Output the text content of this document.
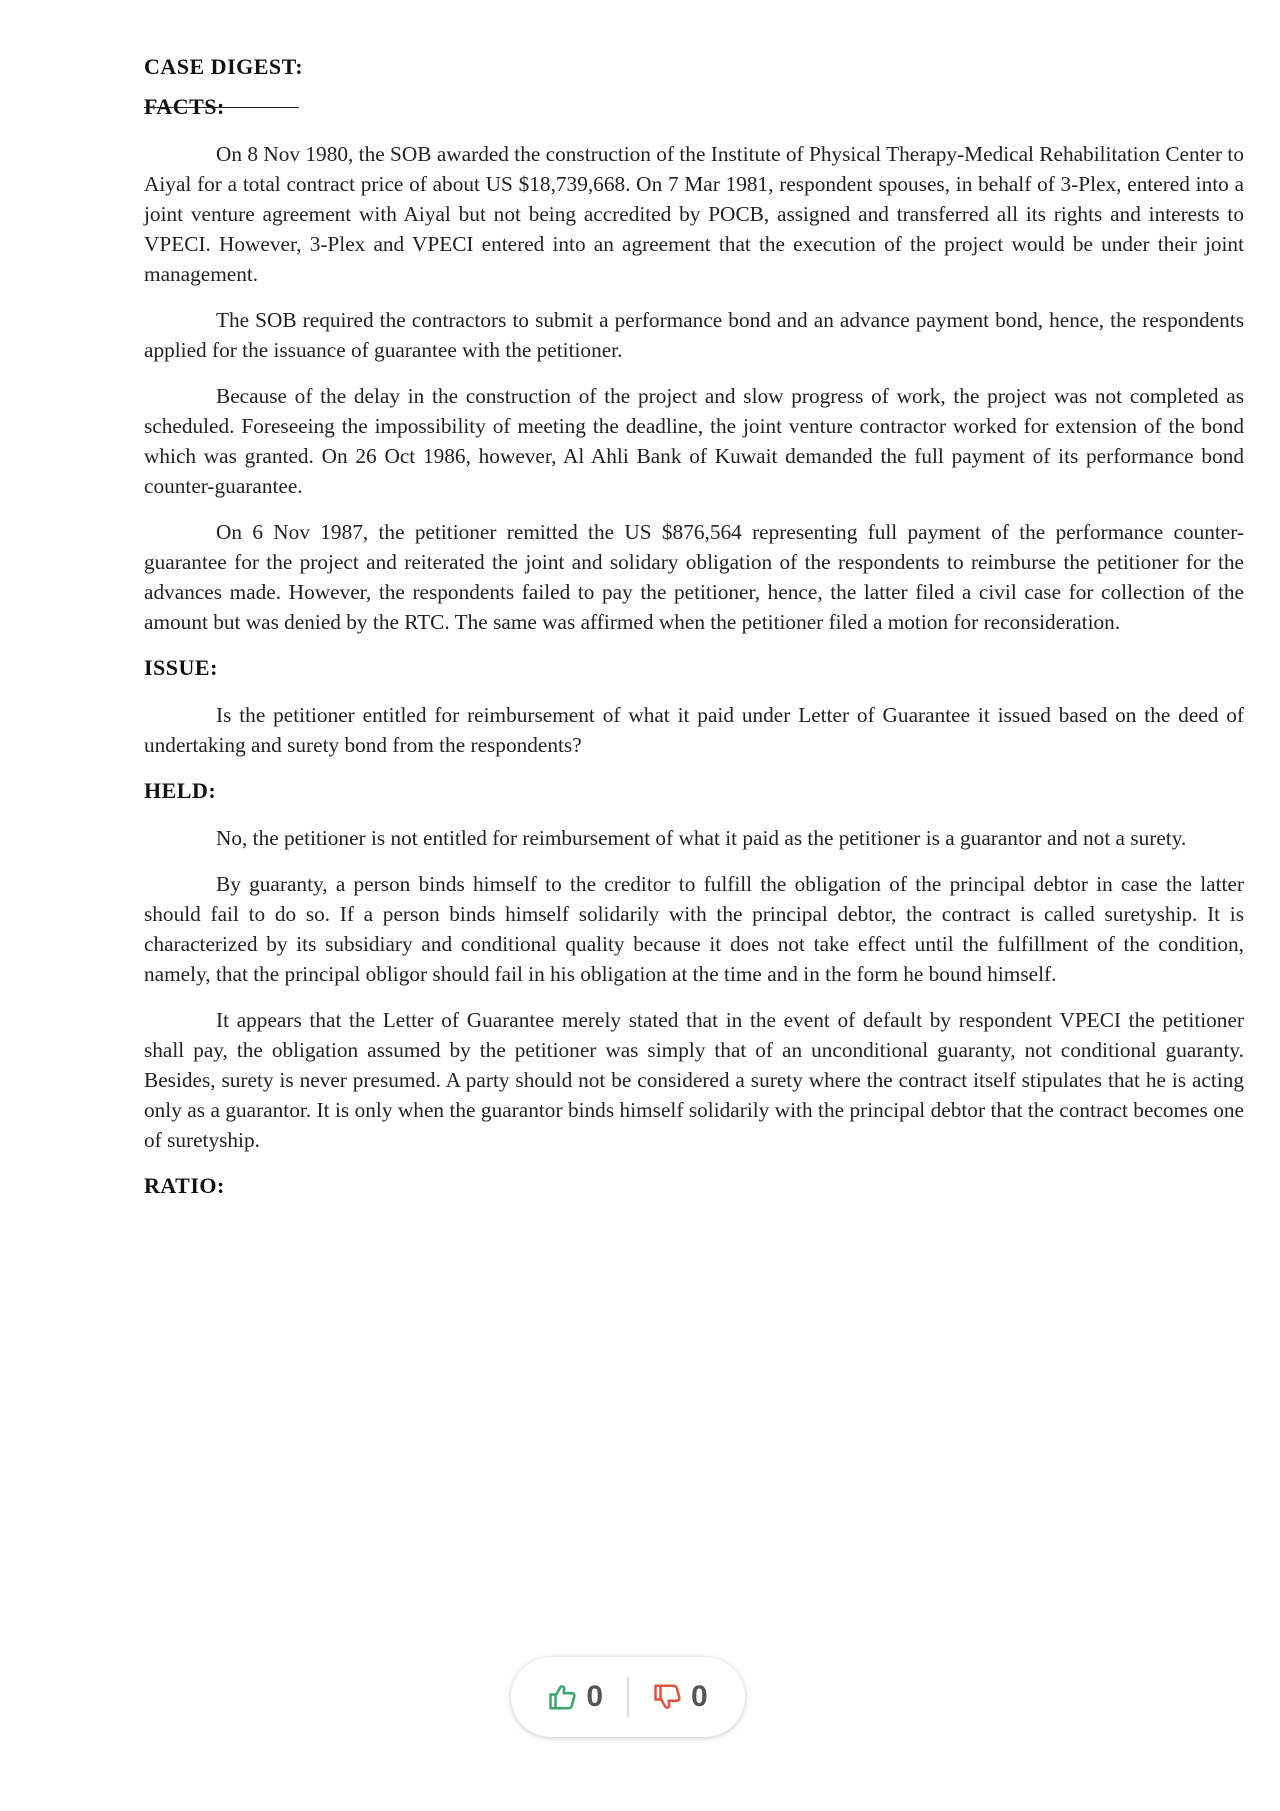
CASE DIGEST:
FACTS:

On 8 Nov 1980, the SOB awarded the construction of the Institute of Physical Therapy-Medical Rehabilitation Center to Aiyal for a total contract price of about US $18,739,668. On 7 Mar 1981, respondent spouses, in behalf of 3-Plex, entered into a joint venture agreement with Aiyal but not being accredited by POCB, assigned and transferred all its rights and interests to VPECI. However, 3-Plex and VPECI entered into an agreement that the execution of the project would be under their joint management.

The SOB required the contractors to submit a performance bond and an advance payment bond, hence, the respondents applied for the issuance of guarantee with the petitioner.

Because of the delay in the construction of the project and slow progress of work, the project was not completed as scheduled. Foreseeing the impossibility of meeting the deadline, the joint venture contractor worked for extension of the bond which was granted. On 26 Oct 1986, however, Al Ahli Bank of Kuwait demanded the full payment of its performance bond counter-guarantee.

On 6 Nov 1987, the petitioner remitted the US $876,564 representing full payment of the performance counter-guarantee for the project and reiterated the joint and solidary obligation of the respondents to reimburse the petitioner for the advances made. However, the respondents failed to pay the petitioner, hence, the latter filed a civil case for collection of the amount but was denied by the RTC. The same was affirmed when the petitioner filed a motion for reconsideration.

ISSUE:

Is the petitioner entitled for reimbursement of what it paid under Letter of Guarantee it issued based on the deed of undertaking and surety bond from the respondents?

HELD:

No, the petitioner is not entitled for reimbursement of what it paid as the petitioner is a guarantor and not a surety.

By guaranty, a person binds himself to the creditor to fulfill the obligation of the principal debtor in case the latter should fail to do so. If a person binds himself solidarily with the principal debtor, the contract is called suretyship. It is characterized by its subsidiary and conditional quality because it does not take effect until the fulfillment of the condition, namely, that the principal obligor should fail in his obligation at the time and in the form he bound himself.

It appears that the Letter of Guarantee merely stated that in the event of default by respondent VPECI the petitioner shall pay, the obligation assumed by the petitioner was simply that of an unconditional guaranty, not conditional guaranty. Besides, surety is never presumed. A party should not be considered a surety where the contract itself stipulates that he is acting only as a guarantor. It is only when the guarantor binds himself solidarily with the principal debtor that the contract becomes one of suretyship.

RATIO:
0	0
